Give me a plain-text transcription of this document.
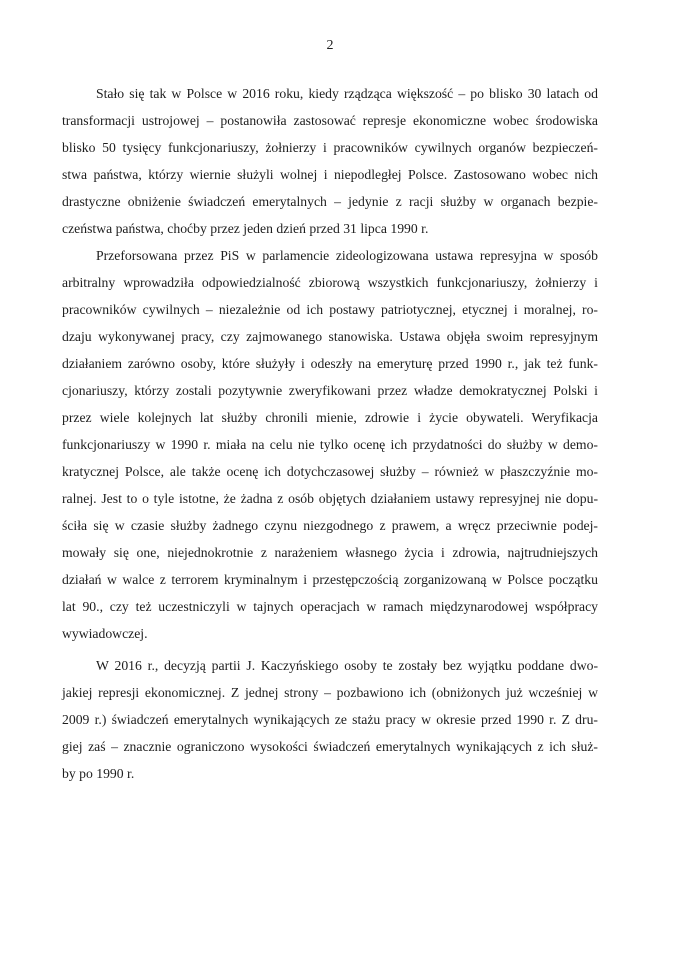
2
Stało się tak w Polsce w 2016 roku, kiedy rządząca większość – po blisko 30 latach od
transformacji ustrojowej – postanowiła zastosować represje ekonomiczne wobec środowiska
blisko 50 tysięcy funkcjonariuszy, żołnierzy i pracowników cywilnych organów bezpieczeń-
stwa państwa, którzy wiernie służyli wolnej i niepodległej Polsce. Zastosowano wobec nich
drastyczne obniżenie świadczeń emerytalnych – jedynie z racji służby w organach bezpie-
czeństwa państwa, choćby przez jeden dzień przed 31 lipca 1990 r.
Przeforsowana przez PiS w parlamencie zideologizowana ustawa represyjna w sposób
arbitralny wprowadziła odpowiedzialność zbiorową wszystkich funkcjonariuszy, żołnierzy i
pracowników cywilnych – niezależnie od ich postawy patriotycznej, etycznej i moralnej, ro-
dzaju wykonywanej pracy, czy zajmowanego stanowiska. Ustawa objęła swoim represyjnym
działaniem zarówno osoby, które służyły i odeszły na emeryturę przed 1990 r., jak też funk-
cjonariuszy, którzy zostali pozytywnie zweryfikowani przez władze demokratycznej Polski i
przez wiele kolejnych lat służby chronili mienie, zdrowie i życie obywateli. Weryfikacja
funkcjonariuszy w 1990 r. miała na celu nie tylko ocenę ich przydatności do służby w demo-
kratycznej Polsce, ale także ocenę ich dotychczasowej służby – również w płaszczyźnie mo-
ralnej. Jest to o tyle istotne, że żadna z osób objętych działaniem ustawy represyjnej nie dopu-
ściła się w czasie służby żadnego czynu niezgodnego z prawem, a wręcz przeciwnie podej-
mowały się one, niejednokrotnie z narażeniem własnego życia i zdrowia, najtrudniejszych
działań w walce z terrorem kryminalnym i przestępczością zorganizowaną w Polsce początku
lat 90., czy też uczestniczyli w tajnych operacjach w ramach międzynarodowej współpracy
wywiadowczej.
W 2016 r., decyzją partii J. Kaczyńskiego osoby te zostały bez wyjątku poddane dwo-
jakiej represji ekonomicznej. Z jednej strony – pozbawiono ich (obniżonych już wcześniej w
2009 r.) świadczeń emerytalnych wynikających ze stażu pracy w okresie przed 1990 r. Z dru-
giej zaś – znacznie ograniczono wysokości świadczeń emerytalnych wynikających z ich służ-
by po 1990 r.
